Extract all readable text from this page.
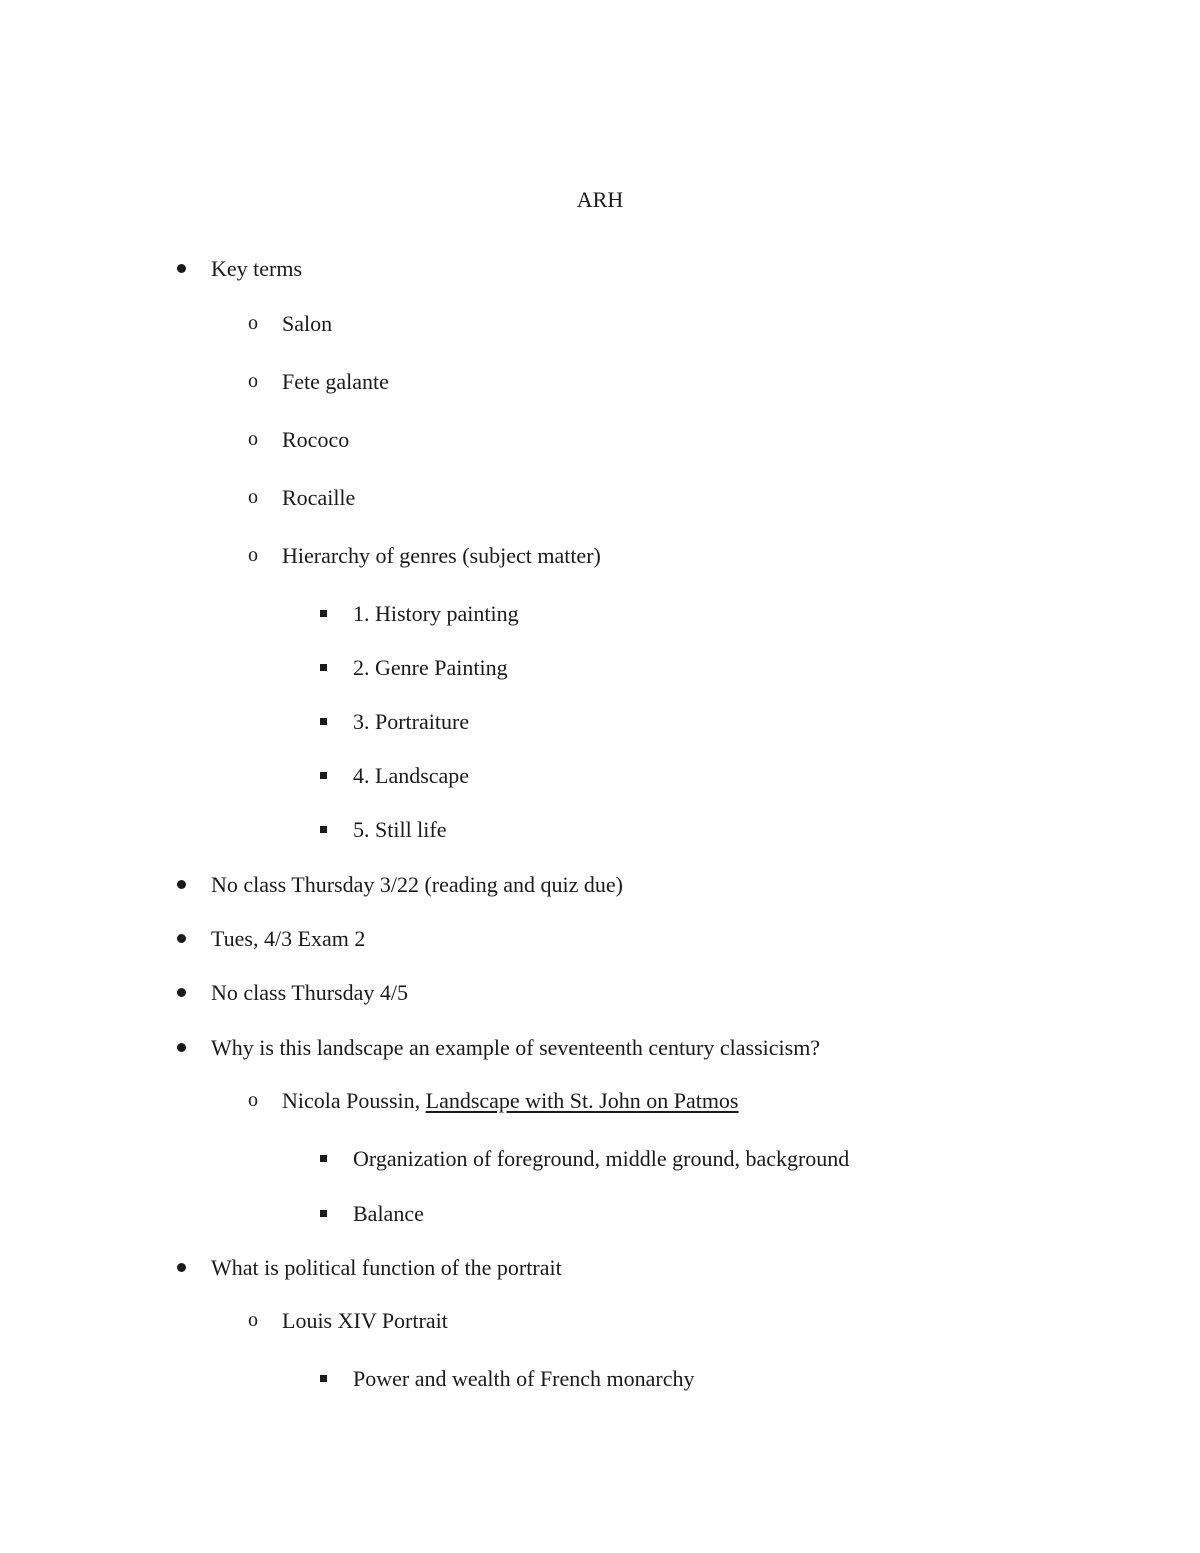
ARH
Key terms
o Salon
o Fete galante
o Rococo
o Rocaille
o Hierarchy of genres (subject matter)
1. History painting
2. Genre Painting
3. Portraiture
4. Landscape
5. Still life
No class Thursday 3/22 (reading and quiz due)
Tues, 4/3 Exam 2
No class Thursday 4/5
Why is this landscape an example of seventeenth century classicism?
o Nicola Poussin, Landscape with St. John on Patmos
Organization of foreground, middle ground, background
Balance
What is political function of the portrait
o Louis XIV Portrait
Power and wealth of French monarchy
